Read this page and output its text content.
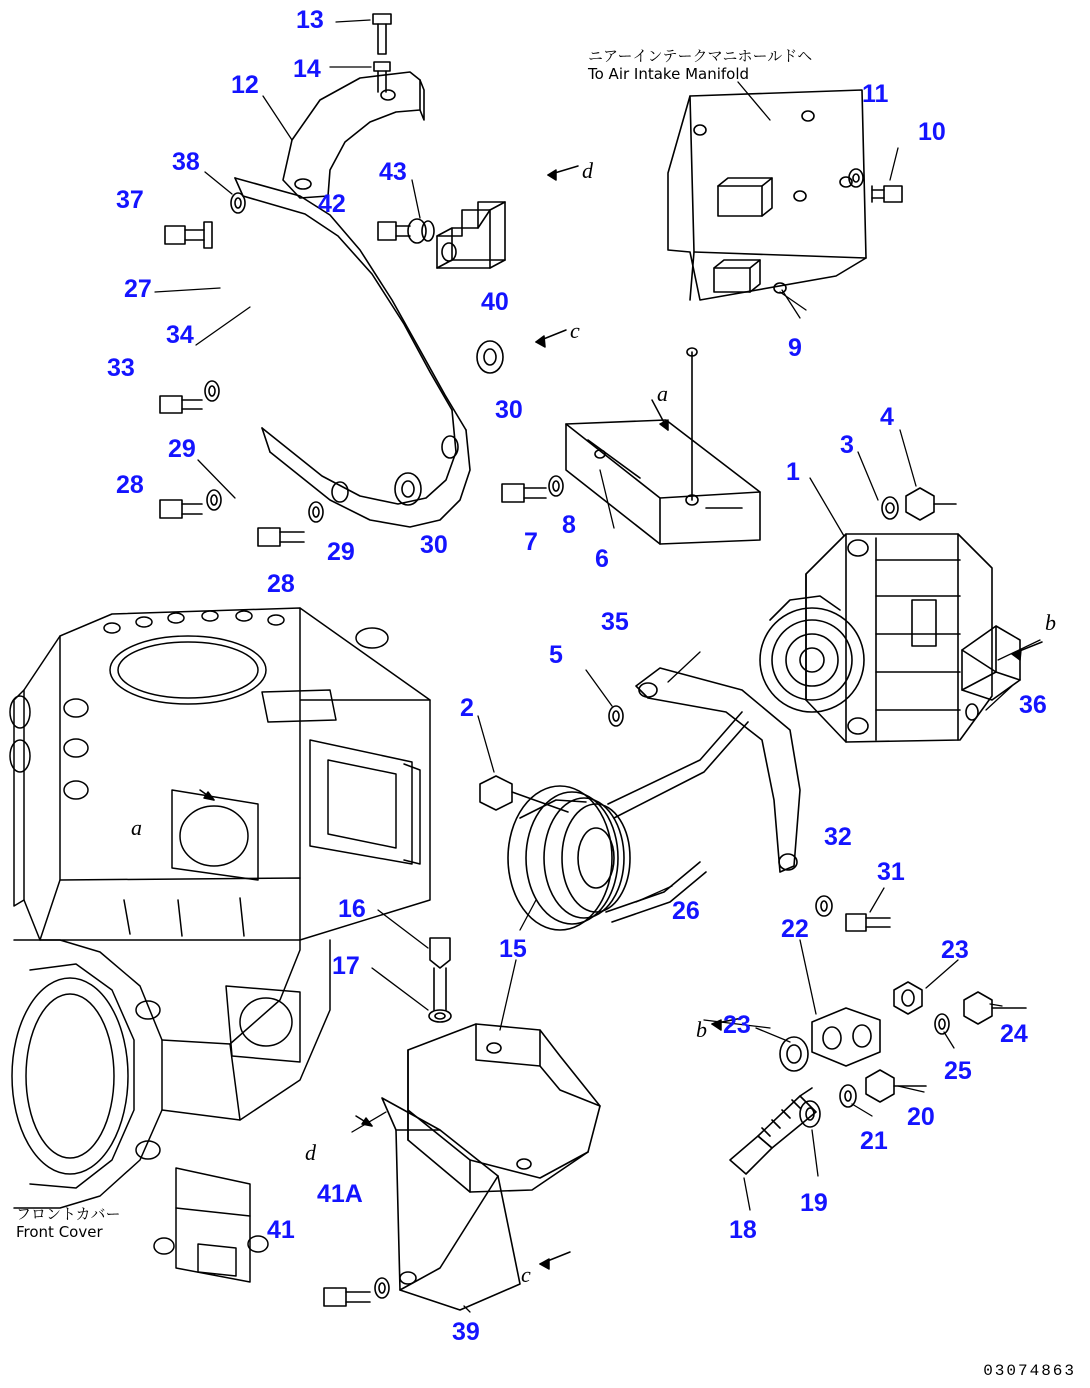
ニアーインテークマニホールドヘ
To Air Intake Manifold
フロントカバー
Front Cover
a
a
b
b
c
c
d
d
13
14
12	11
10
38
37
43
42
9
27
34
33
40
30
29
28
4
3
1
7
8
6
29	30
28
35
5
36
2
32
31
26
16
15
22
23
17
23	24
25
20
21
19
41A
41	18
39
03074863
